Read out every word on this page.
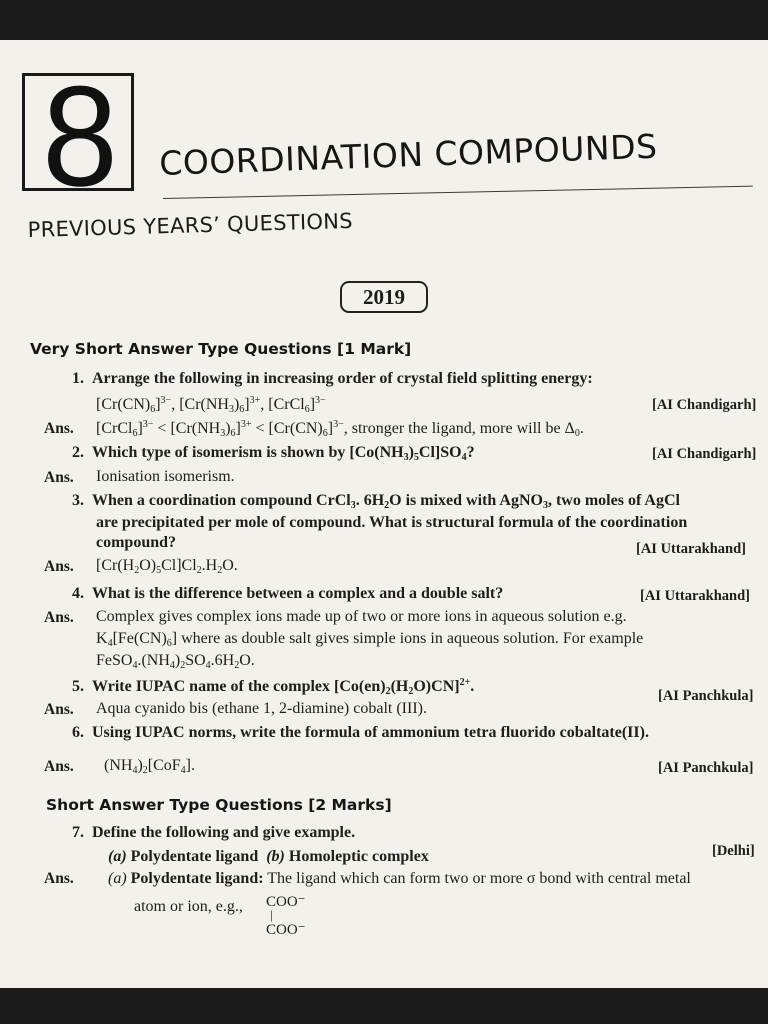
8	COORDINATION COMPOUNDS
PREVIOUS YEARS’ QUESTIONS
2019
Very Short Answer Type Questions [1 Mark]
1. Arrange the following in increasing order of crystal field splitting energy:
$[Cr(CN)_6]^{3-}$, $[Cr(NH_3)_6]^{3+}$, [CrCl$_6$]$^{3-}$	[AI Chandigarh]
Ans. [CrCl$_6$]$^{3-}$ < $[Cr(NH_3)_6]^{3+} < [Cr(CN)_6]^{3-}$, stronger the ligand, more will be $\Delta_0$.
2. Which type of isomerism is shown by $[Co(NH_3)_5Cl]SO_4$?	[AI Chandigarh]
Ans. Ionisation isomerism.
3. When a coordination compound CrCl$_3$. $6H_2O$ is mixed with AgNO$_3$, two moles of AgCl
are precipitated per mole of compound. What is structural formula of the coordination
compound?	[AI Uttarakhand]
Ans. $[Cr(H_2O)_5Cl]Cl_2.H_2O$.
4. What is the difference between a complex and a double salt?	[AI Uttarakhand]
Ans. Complex gives complex ions made up of two or more ions in aqueous solution e.g.
$K_4[Fe(CN)_6]$ where as double salt gives simple ions in aqueous solution. For example
$FeSO_4.(NH_4)_2SO_4.6H_2O$.
5. Write IUPAC name of the complex $[Co(en)_2(H_2O)CN]^{2+}$.
[AI Panchkula]
Ans. Aqua cyanido bis (ethane 1, 2-diamine) cobalt (III).
6. Using IUPAC norms, write the formula of ammonium tetra fluorido cobaltate(II).
Ans. $(NH_4)_2[CoF_4]$.	[AI Panchkula]
Short Answer Type Questions [2 Marks]
7. Define the following and give example.
(a) Polydentate ligand (b) Homoleptic complex	[Delhi]
Ans. (a) Polydentate ligand: The ligand which can form two or more σ bond with central metal
atom or ion, e.g., COO⁻
|
COO⁻
